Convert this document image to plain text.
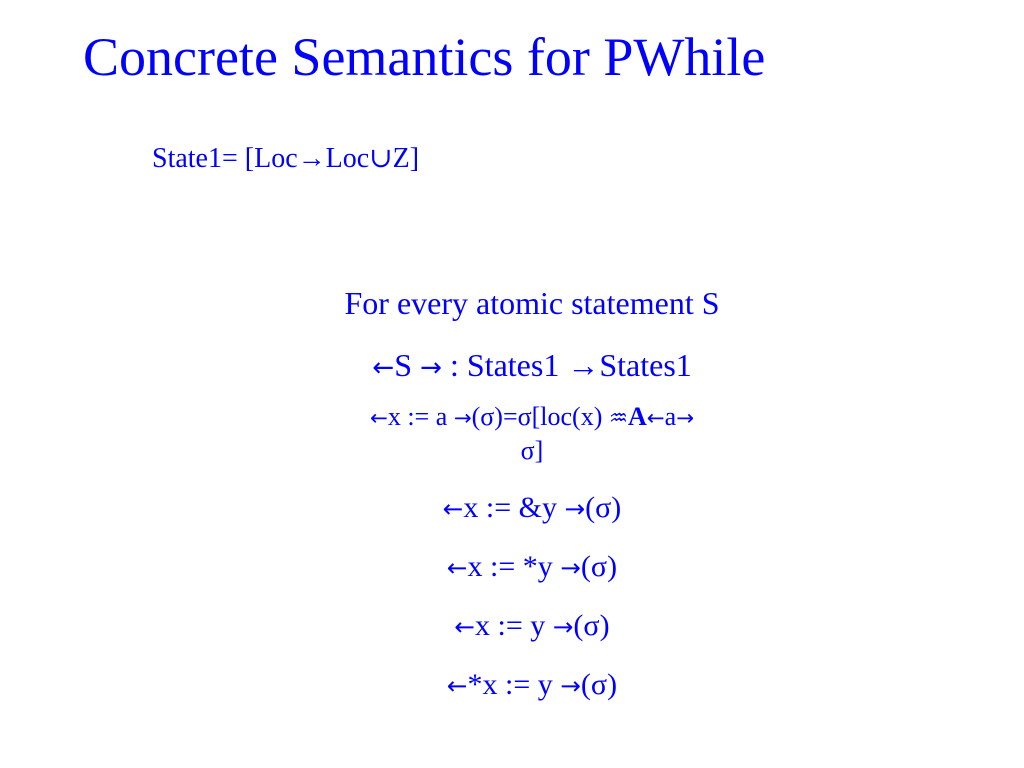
Concrete Semantics for PWhile
State1= [Loc→Loc∪Z]
For every atomic statement S
←S → : States1 →States1
←x := a →(σ)=σ[loc(x) ♒A←a→
σ]
←x := &y →(σ)
←x := *y →(σ)
←x := y →(σ)
←*x := y →(σ)
